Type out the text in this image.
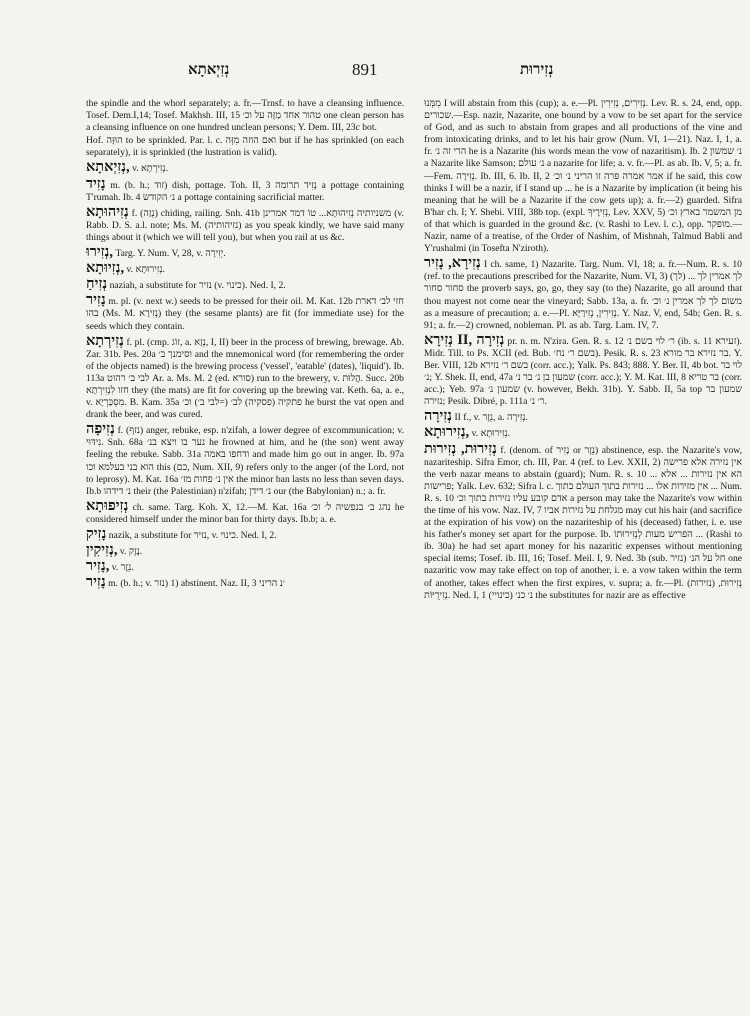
נְזִיְאתָא	891	נְזִירוּת

the spindle and the whorl separately; a. fr.—Trnsf. to have a cleansing influence. Tosef. Dem.I,14; Tosef. Makhsh. III, 15 טהור אחד מַזֶּה על וכ׳ one clean person has a cleansing influence on one hundred unclean persons; Y. Dem. III, 23c bot.

Hof. הוּזָּה to be sprinkled. Par. l. c. ואם הוזה מִזְּה but if he has sprinkled (on each separately), it is sprinkled (the lustration is valid).

נְזִיְאתָא, v. נְזִירְתָא.

נָזִיד m. (b. h.; זוד) dish, pottage. Toh. II, 3 נְזִיד תרומה a pottage containing T'rumah. Ib. 4 נ׳ הקודש a pottage containing sacrificial matter.

נְזִיהוּתָא f. (נְזַה) chiding, railing. Snh. 41b משניותיה נְזִיהוּתָא... טוֹ דמר אמרינן (v. Rabb. D. S. a.l. note; Ms. M. (נזיהותיה) as you speak kindly, we have said many things about it (which we will tell you), but when you rail at us &c.

נְזִירוּ, Targ. Y. Num. V, 28, v. יְזִירָה.

נְזִיוּתָא, v. נְזִירוּתָא.

נְזִיחַ naziah, a substitute for נזיר (v. כינוי). Ned. I, 2.

נָזִיר m. pl. (v. next w.) seeds to be pressed for their oil. M. Kat. 12b חזי לב׳ דארת בהו (Ms. M. נְזִירָא) they (the sesame plants) are fit (for immediate use) for the seeds which they contain.

נְזִירְתָא f. pl. (cmp. זוֹג, a. נְזָא, I, II) beer in the process of brewing, brewage. Ab. Zar. 31b. Pes. 20a וסימנך ב׳ and the mnemonical word (for remembering the order of the objects named) is the brewing process ('vessel', 'eatable' (dates), 'liquid'). Ib. 113a לבי ב׳ רהוט Ar. a. Ms. M. 2 (ed. סורא) run to the brewery, v. הֲלוּת. Succ. 20b חזו לִנְזִירְתָא they (the mats) are fit for covering up the brewing vat. Keth. 6a, a. e., v. מִסְכַּרְיָא. B. Kam. 35a פתקיה (פסקיה) לב׳ (=לבי ב׳) וכ׳ he burst the vat open and drank the beer, and was cured.

נְזִיפָה f. (נזף) anger, rebuke, esp. n'zifah, a lower degree of excommunication; v. נִידּוּי. Snh. 68a נער בו ויצא בנ׳ he frowned at him, and he (the son) went away feeling the rebuke. Sabb. 31a ודחפו באמה and made him go out in anger. Ib. 97a הוא בני בעלמא וכו this (כם, Num. XII, 9) refers only to the anger (of the Lord, not to leprosy). M. Kat. 16a אין נ׳ פחות מז׳ the minor ban lasts no less than seven days. Ib.b נ׳ דידהו their (the Palestinian) n'zifah; נ׳ דידן our (the Babylonian) n.; a. fr.

נְזִיפוּתָא ch. same. Targ. Koh. X, 12.—M. Kat. 16a נהג ב׳ בנפשיה ל׳ וכ׳ he considered himself under the minor ban for thirty days. Ib.b; a. e.

נָזִיק nazik, a substitute for נזיר, v. כינוי. Ned. I, 2.

נְזִיקִין, v. נֶזֶק.

נָזִיר, v. נֵזֶר.

נָזִיר m. (b. h.; v. נזר) 1) abstinent. Naz. II, 3 ׳נ הריני

מִמְּנוּ I will abstain from this (cup); a. e.—Pl. נְזִירִים, נְזִירִין. Lev. R. s. 24, end, opp. שכורים.—Esp. nazir, Nazarite, one bound by a vow to be set apart for the service of God, and as such to abstain from grapes and all productions of the vine and from intoxicating drinks, and to let his hair grow (Num. VI, 1—21). Naz. I, 1, a. fr. הרי זה נ׳ he is a Nazarite (his words mean the vow of nazaritism). Ib. 2 נ׳ שמשון a Nazarite like Samson; נ׳ עולם a nazarite for life; a. v. fr.—Pl. as ab. Ib. V, 5; a. fr.—Fem. נְזִירָה. Ib. III, 6. Ib. II, 2 אמר אמרה פרה זו הריני נ׳ וכ׳ if he said, this cow thinks I will be a nazir, if I stand up ... he is a Nazarite by implication (it being his meaning that he will be a Nazarite if the cow gets up); a. fr.—2) guarded. Sifra B'har ch. I; Y. Shebi. VIII, 38b top. (expl. נְזִירֶיךָ, Lev. XXV, 5) מן המשמר בארץ וכ׳ of that which is guarded in the ground &c. (v. Rashi to Lev. l. c.), opp. מופקר.—Nazir, name of a treatise, of the Order of Nashim, of Mishnah, Talmud Babli and Y'rushalmi (in Tosefta N'ziroth).

נְזִירָא, נָזִיר I ch. same, 1) Nazarite. Targ. Num. VI, 18; a. fr.—Num. R. s. 10 (ref. to the precautions prescribed for the Nazarite, Num. VI, 3) (לך) לך אמרין לך ... סחור סחור the proverb says, go, go, they say (to the) Nazarite, go all around that thou mayest not come near the vineyard; Sabb. 13a, a. fr. משום לך לך אמרין נ׳ וכ׳ as a measure of precaution; a. e.—Pl. נְזִירִין, נְזִירַיָּא. Y. Naz. V, end, 54b; Gen. R. s. 91; a. fr.—2) crowned, nobleman. Pl. as ab. Targ. Lam. IV, 7.

נְזִירָא II, נְזִירָה pr. n. m. N'zira. Gen. R. s. 12 ר׳ לוי בשם נ׳ (ib. s. 11 זעירא). Midr. Till. to Ps. XCII (ed. Bub. בשם ר׳ נח׳). Pesik. R. s. 23 בר נזירא בר מורא. Y. Ber. VIII, 12b בשם ר׳ נזירא (corr. acc.); Yalk. Ps. 843; 888. Y. Ber. II, 4b bot. לוי בר נ׳; Y. Shek. II, end, 47a שמעון בן נ׳ בר נ׳ (corr. acc.); Y. M. Kat. III, 8 בר טריא (corr. acc.); Yeb. 97a שמעון נ׳ (v. however, Bekh. 31b). Y. Sabb. II, 5a top שמעון בר נזירה; Pesik. Dibré, p. 111a ר׳ נ׳.

נְזִירָה II f., v. נֵזֶר, a. נְזִירָה.

נְזִירוּתָא, v. נְזִירוּתָא.

נְזִירוּת, נְזִירוּת f. (denom. of נָזִיר or נֵזֶר) abstinence, esp. the Nazarite's vow, nazariteship. Sifra Emor, ch. III, Par. 4 (ref. to Lev. XXII, 2) אין נזירה אלא פרישה the verb nazar means to abstain (guard); Num. R. s. 10 ... הא אין נזירות ... אלא פרישות; Yalk. Lev. 632; Sifra l. c. אין מזירות אלו ... נזירות בתוך העולם בתוך ... Num. R. s. 10 אדם קובע עליו נזירות בתוך וכ׳ a person may take the Nazarite's vow within the time of his vow. Naz. IV, 7 מגלחת על נזירות אביו may cut his hair (and sacrifice at the expiration of his vow) on the nazariteship of his (deceased) father, i. e. use his father's money set apart for the purpose. Ib. הפריש מעות לְנְזִירוּתוֹ ... (Rashi to ib. 30a) he had set apart money for his nazaritic expenses without mentioning special items; Tosef. ib. III, 16; Tosef. Meil. I, 9. Ned. 3b (sub. נזיר) חל על הנ׳ one nazaritic vow may take effect on top of another, i. e. a vow taken within the term of another, takes effect when the first expires, v. supra; a. fr.—Pl. (נזירות) נְזִירוּת, נְזִירֻיּוֹת. Ned. I, 1 (כינויי) נ׳ כנ׳ the substitutes for nazir are as effective
